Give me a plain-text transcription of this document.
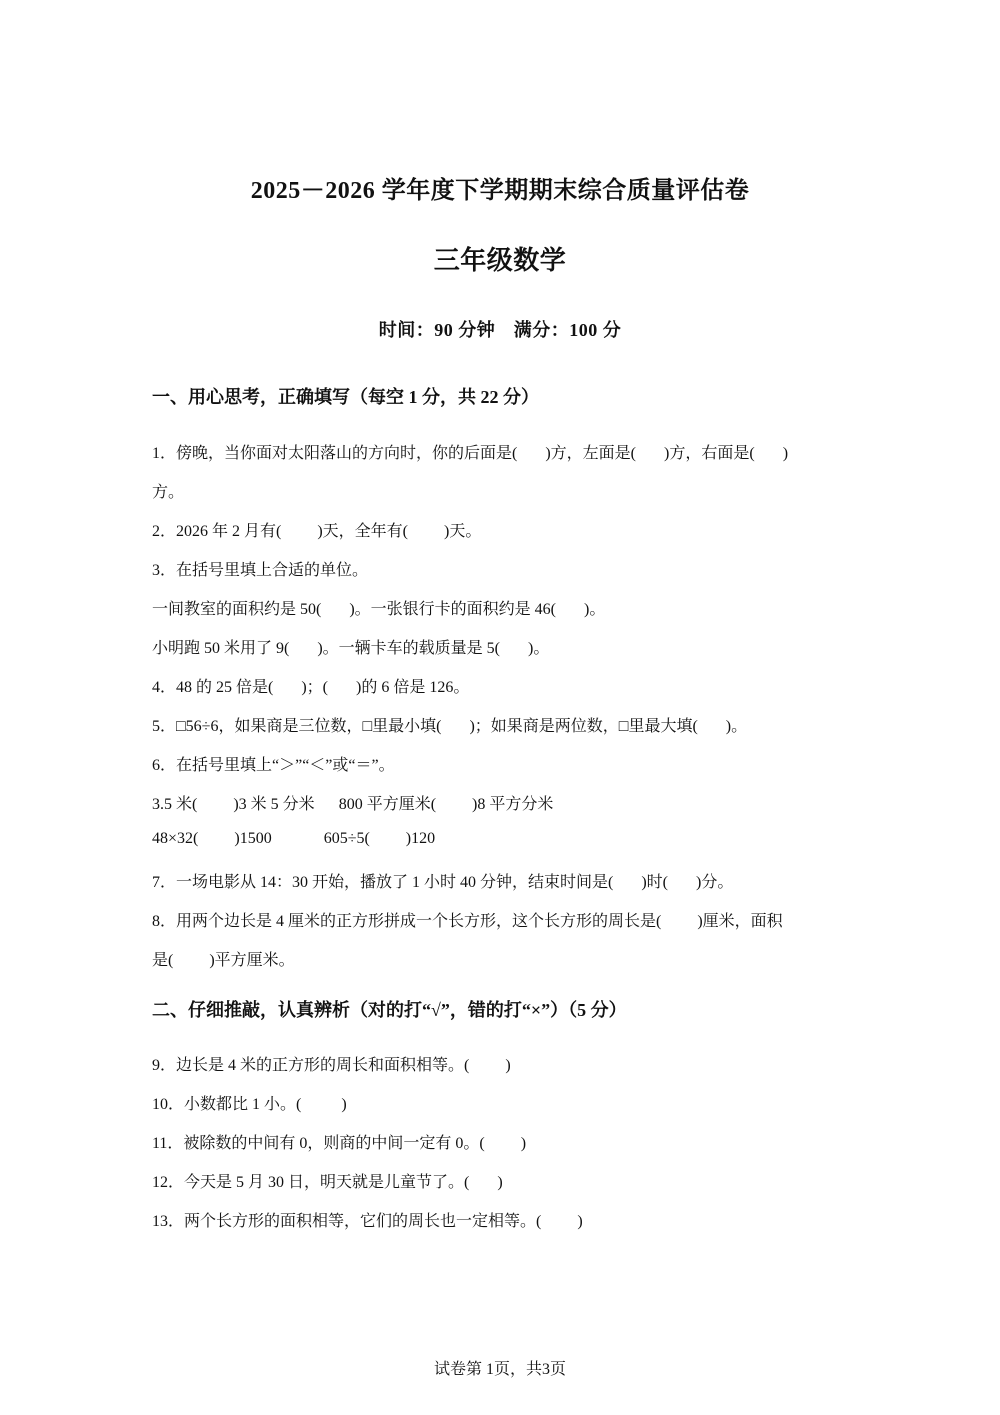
2025－2026 学年度下学期期末综合质量评估卷
三年级数学
时间：90 分钟　满分：100 分
一、用心思考，正确填写（每空 1 分，共 22 分）
1．傍晚，当你面对太阳落山的方向时，你的后面是( )方，左面是( )方，右面是( )
方。
2．2026 年 2 月有( )天，全年有( )天。
3．在括号里填上合适的单位。
一间教室的面积约是 50( )。一张银行卡的面积约是 46( )。
小明跑 50 米用了 9( )。一辆卡车的载质量是 5( )。
4．48 的 25 倍是( )；( )的 6 倍是 126。
5．□56÷6，如果商是三位数，□里最小填( )；如果商是两位数，□里最大填( )。
6．在括号里填上“＞”“＜”或“＝”。
3.5 米( )3 米 5 分米 800 平方厘米( )8 平方分米
48×32( )1500	605÷5( )120
7．一场电影从 14：30 开始，播放了 1 小时 40 分钟，结束时间是( )时( )分。
8．用两个边长是 4 厘米的正方形拼成一个长方形，这个长方形的周长是( )厘米，面积
是( )平方厘米。
二、仔细推敲，认真辨析（对的打“√”，错的打“×”）（5 分）
9．边长是 4 米的正方形的周长和面积相等。( )
10．小数都比 1 小。(	)
11．被除数的中间有 0，则商的中间一定有 0。( )
12．今天是 5 月 30 日，明天就是儿童节了。( )
13．两个长方形的面积相等，它们的周长也一定相等。( )
试卷第 1页，共3页
